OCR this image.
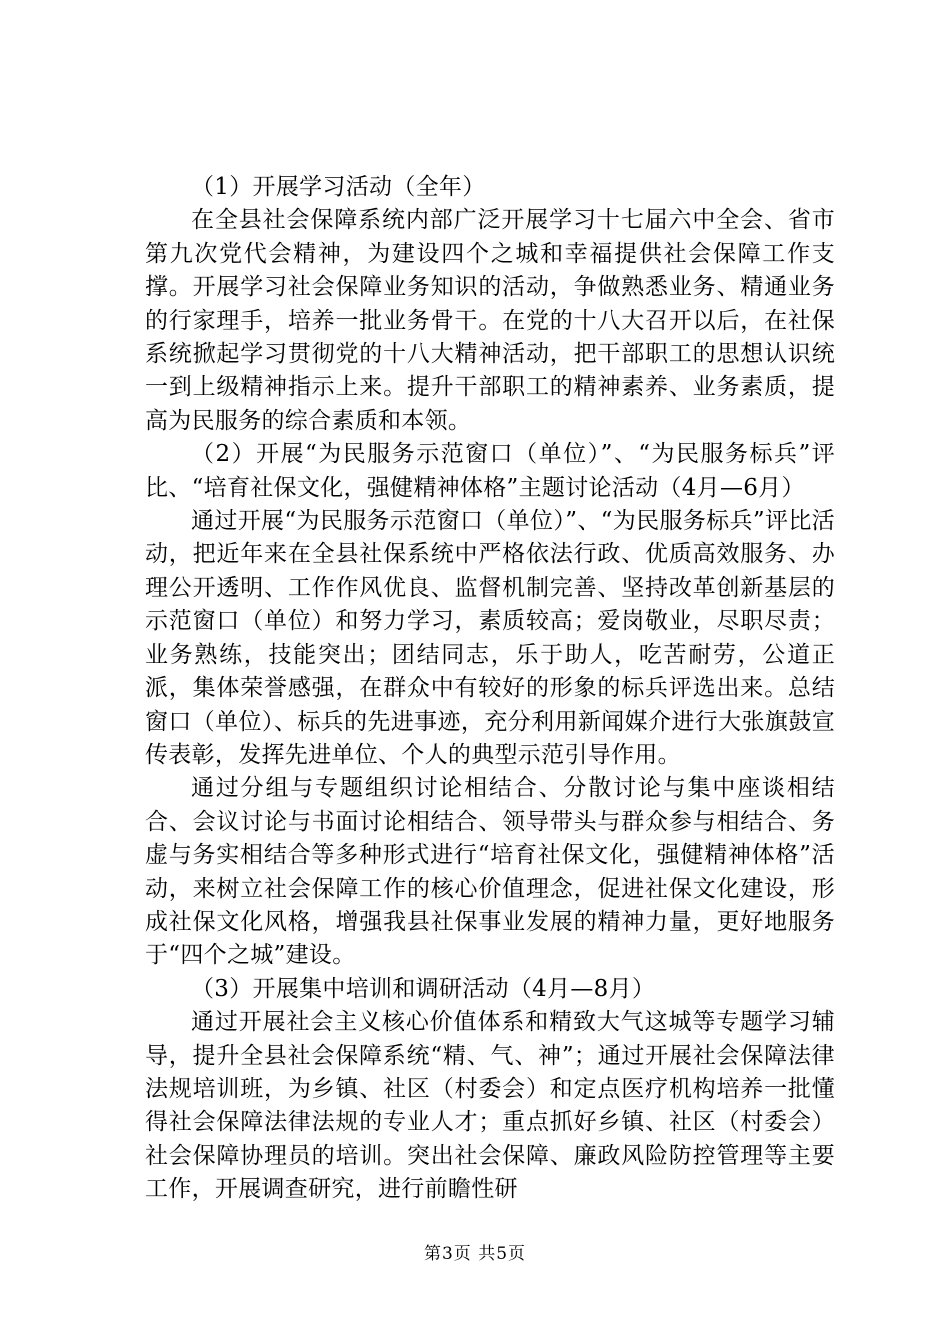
（1）开展学习活动（全年）

在全县社会保障系统内部广泛开展学习十七届六中全会、省市第九次党代会精神，为建设四个之城和幸福提供社会保障工作支撑。开展学习社会保障业务知识的活动，争做熟悉业务、精通业务的行家理手，培养一批业务骨干。在党的十八大召开以后，在社保系统掀起学习贯彻党的十八大精神活动，把干部职工的思想认识统一到上级精神指示上来。提升干部职工的精神素养、业务素质，提高为民服务的综合素质和本领。

（2）开展“为民服务示范窗口（单位）”、“为民服务标兵”评比、“培育社保文化，强健精神体格”主题讨论活动（4月—6月）

通过开展“为民服务示范窗口（单位）”、“为民服务标兵”评比活动，把近年来在全县社保系统中严格依法行政、优质高效服务、办理公开透明、工作作风优良、监督机制完善、坚持改革创新基层的示范窗口（单位）和努力学习，素质较高；爱岗敬业，尽职尽责；业务熟练，技能突出；团结同志，乐于助人，吃苦耐劳，公道正派，集体荣誉感强，在群众中有较好的形象的标兵评选出来。总结窗口（单位）、标兵的先进事迹，充分利用新闻媒介进行大张旗鼓宣传表彰，发挥先进单位、个人的典型示范引导作用。

通过分组与专题组织讨论相结合、分散讨论与集中座谈相结合、会议讨论与书面讨论相结合、领导带头与群众参与相结合、务虚与务实相结合等多种形式进行“培育社保文化，强健精神体格”活动，来树立社会保障工作的核心价值理念，促进社保文化建设，形成社保文化风格，增强我县社保事业发展的精神力量，更好地服务于“四个之城”建设。

（3）开展集中培训和调研活动（4月—8月）

通过开展社会主义核心价值体系和精致大气这城等专题学习辅导，提升全县社会保障系统“精、气、神”；通过开展社会保障法律法规培训班，为乡镇、社区（村委会）和定点医疗机构培养一批懂得社会保障法律法规的专业人才；重点抓好乡镇、社区（村委会）社会保障协理员的培训。突出社会保障、廉政风险防控管理等主要工作，开展调查研究，进行前瞻性研

第3页 共5页
